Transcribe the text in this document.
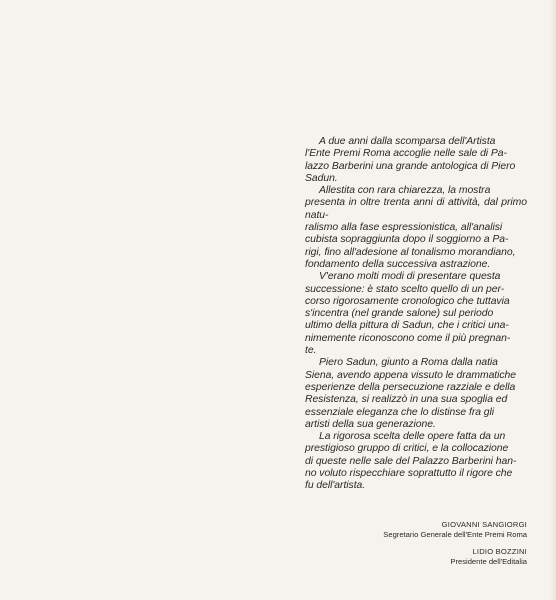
A due anni dalla scomparsa dell'Artista
l'Ente Premi Roma accoglie nelle sale di Pa-
lazzo Barberini una grande antologica di Piero
Sadun.

Allestita con rara chiarezza, la mostra
presenta in oltre trenta anni di attività, dal primo natu-
ralismo alla fase espressionistica, all'analisi
cubista sopraggiunta dopo il soggiorno a Pa-
rigi, fino all'adesione al tonalismo morandiano,
fondamento della successiva astrazione.

V'erano molti modi di presentare questa
successione: è stato scelto quello di un per-
corso rigorosamente cronologico che tuttavia
s'incentra (nel grande salone) sul periodo
ultimo della pittura di Sadun, che i critici una-
nimemente riconoscono come il più pregnan-
te.

Piero Sadun, giunto a Roma dalla natia
Siena, avendo appena vissuto le drammatiche
esperienze della persecuzione razziale e della
Resistenza, si realizzò in una sua spoglia ed
essenziale eleganza che lo distinse fra gli
artisti della sua generazione.

La rigorosa scelta delle opere fatta da un
prestigioso gruppo di critici, e la collocazione
di queste nelle sale del Palazzo Barberini han-
no voluto rispecchiare soprattutto il rigore che
fu dell'artista.

GIOVANNI SANGIORGI
Segretario Generale dell'Ente Premi Roma
LIDIO BOZZINI
Presidente dell'Editalia
